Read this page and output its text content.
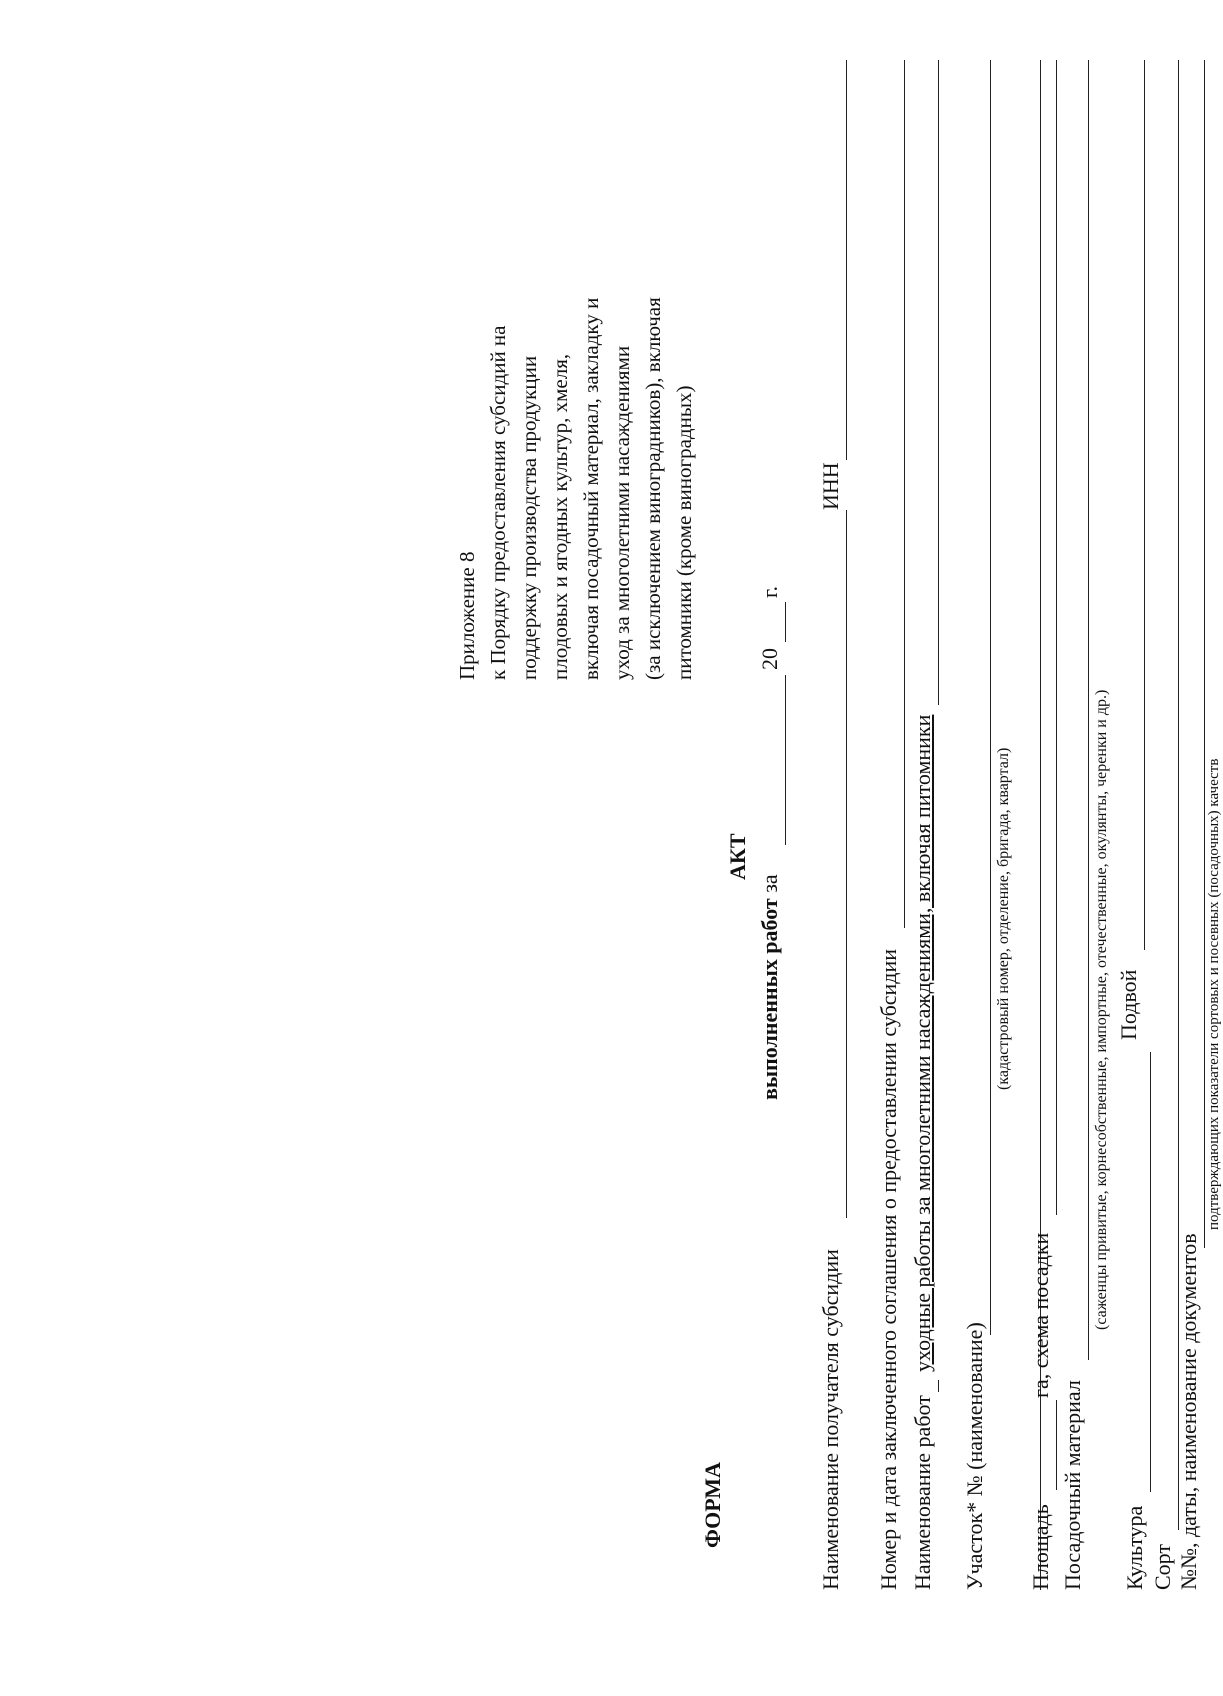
Приложение 8 к Порядку предоставления субсидий на поддержку производства продукции плодовых и ягодных культур, хмеля, включая посадочный материал, закладку и уход за многолетними насаждениями (за исключением виноградников), включая питомники (кроме виноградных)
ФОРМА
АКТ
выполненных работ за
20
г.
Наименование получателя субсидии
ИНН
Номер и дата заключенного соглашения о предоставлении субсидии Наименование работ
уходные работы за многолетними насаждениями, включая питомники
Участок* № (наименование)
(кадастровый номер, отделение, бригада, квартал)
Площадь
га, схема посадки
Посадочный материал
(саженцы привитые, корнесобственные, импортные, отечественные, окулянты, черенки и др.) Подвой
Культура Сорт №№, даты, наименование документов
подтверждающих показатели сортовых и посевных (посадочных) качеств
